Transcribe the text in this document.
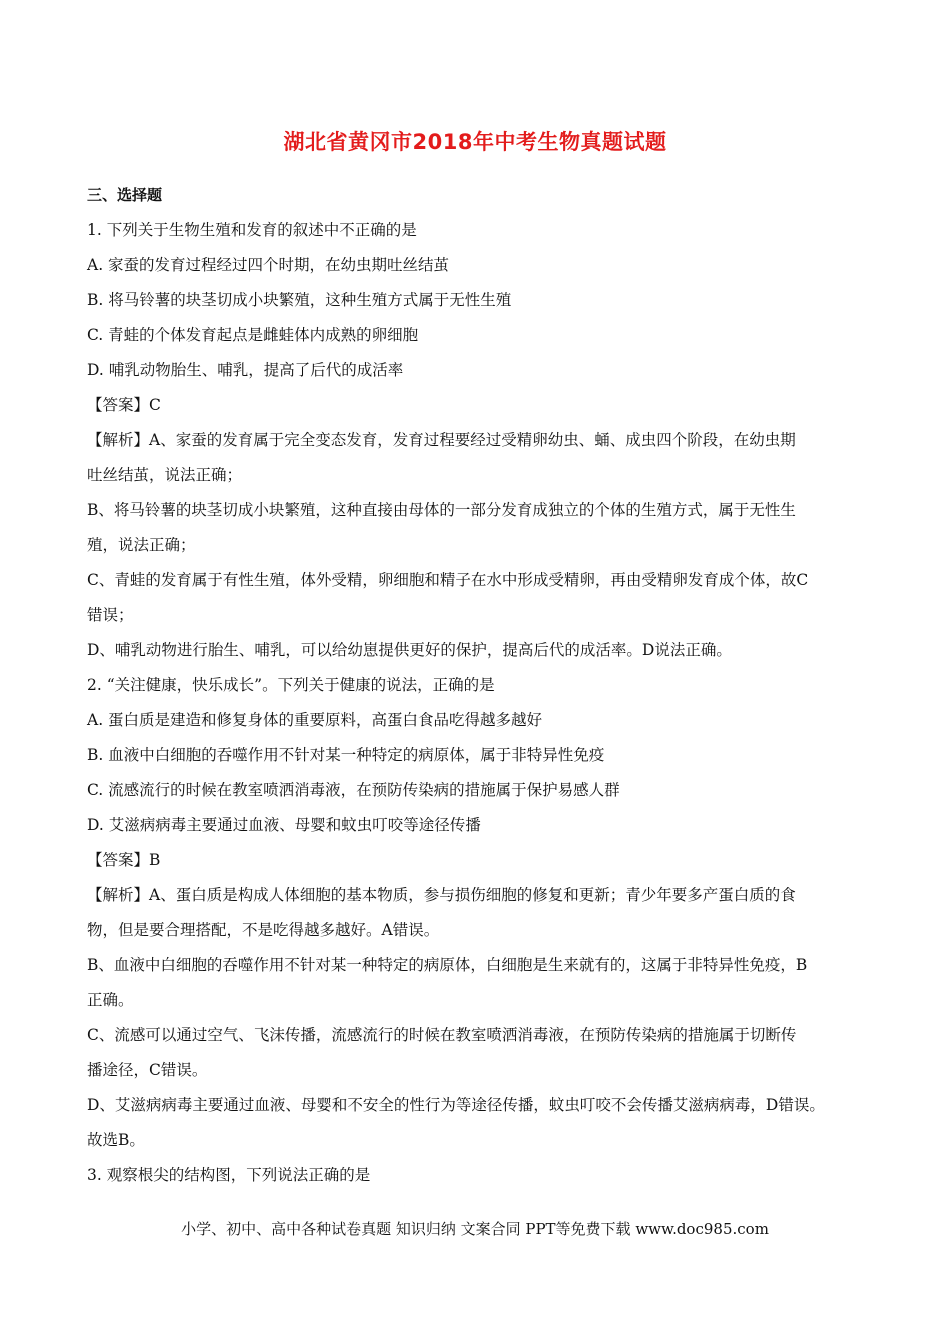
湖北省黄冈市2018年中考生物真题试题
三、选择题
1. 下列关于生物生殖和发育的叙述中不正确的是
A. 家蚕的发育过程经过四个时期，在幼虫期吐丝结茧
B. 将马铃薯的块茎切成小块繁殖，这种生殖方式属于无性生殖
C. 青蛙的个体发育起点是雌蛙体内成熟的卵细胞
D. 哺乳动物胎生、哺乳，提高了后代的成活率
【答案】C
【解析】A、家蚕的发育属于完全变态发育，发育过程要经过受精卵幼虫、蛹、成虫四个阶段，在幼虫期
吐丝结茧，说法正确；
B、将马铃薯的块茎切成小块繁殖，这种直接由母体的一部分发育成独立的个体的生殖方式，属于无性生
殖，说法正确；
C、青蛙的发育属于有性生殖，体外受精，卵细胞和精子在水中形成受精卵，再由受精卵发育成个体，故C
错误；
D、哺乳动物进行胎生、哺乳，可以给幼崽提供更好的保护，提高后代的成活率。D说法正确。
2. “关注健康，快乐成长”。下列关于健康的说法，正确的是
A. 蛋白质是建造和修复身体的重要原料，高蛋白食品吃得越多越好
B. 血液中白细胞的吞噬作用不针对某一种特定的病原体，属于非特异性免疫
C. 流感流行的时候在教室喷洒消毒液，在预防传染病的措施属于保护易感人群
D. 艾滋病病毒主要通过血液、母婴和蚊虫叮咬等途径传播
【答案】B
【解析】A、蛋白质是构成人体细胞的基本物质，参与损伤细胞的修复和更新；青少年要多产蛋白质的食
物，但是要合理搭配，不是吃得越多越好。A错误。
B、血液中白细胞的吞噬作用不针对某一种特定的病原体，白细胞是生来就有的，这属于非特异性免疫，B
正确。
C、流感可以通过空气、飞沫传播，流感流行的时候在教室喷洒消毒液，在预防传染病的措施属于切断传
播途径，C错误。
D、艾滋病病毒主要通过血液、母婴和不安全的性行为等途径传播，蚊虫叮咬不会传播艾滋病病毒，D错误。
故选B。
3. 观察根尖的结构图，下列说法正确的是
小学、初中、高中各种试卷真题 知识归纳 文案合同 PPT等免费下载 www.doc985.com
